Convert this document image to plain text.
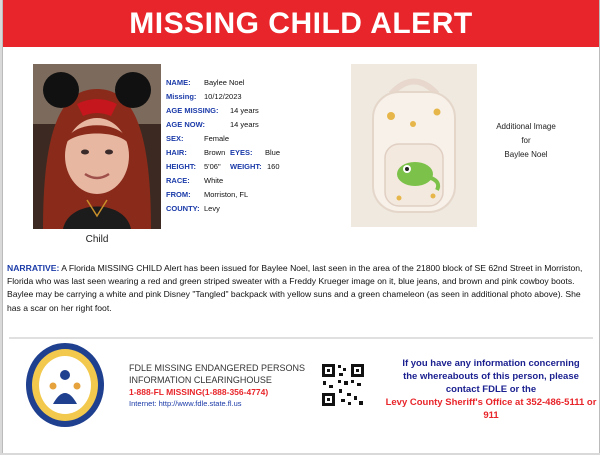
MISSING CHILD ALERT
Child
NAME: Baylee Noel
Missing: 10/12/2023
AGE MISSING: 14 years
AGE NOW:	14 years
SEX:	Female
HAIR: Brown EYES: Blue
HEIGHT: 5'06" WEIGHT: 160
RACE: White
FROM: Morriston, FL
COUNTY: Levy
Additional Image
for
Baylee Noel
NARRATIVE: A Florida MISSING CHILD Alert has been issued for Baylee Noel, last seen in the area of the 21800 block of SE 62nd Street in Morriston, Florida who was last seen wearing a red and green striped sweater with a Freddy Krueger image on it, blue jeans, and brown and pink cowboy boots. Baylee may be carrying a white and pink Disney "Tangled" backpack with yellow suns and a green chameleon (as seen in additional photo above). She has a scar on her right foot.
FDLE MISSING ENDANGERED PERSONS
INFORMATION CLEARINGHOUSE
1-888-FL MISSING(1-888-356-4774)
Internet: http://www.fdle.state.fl.us
If you have any information concerning
the whereabouts of this person, please
contact FDLE or the
Levy County Sheriff's Office at 352-486-5111 or
911
